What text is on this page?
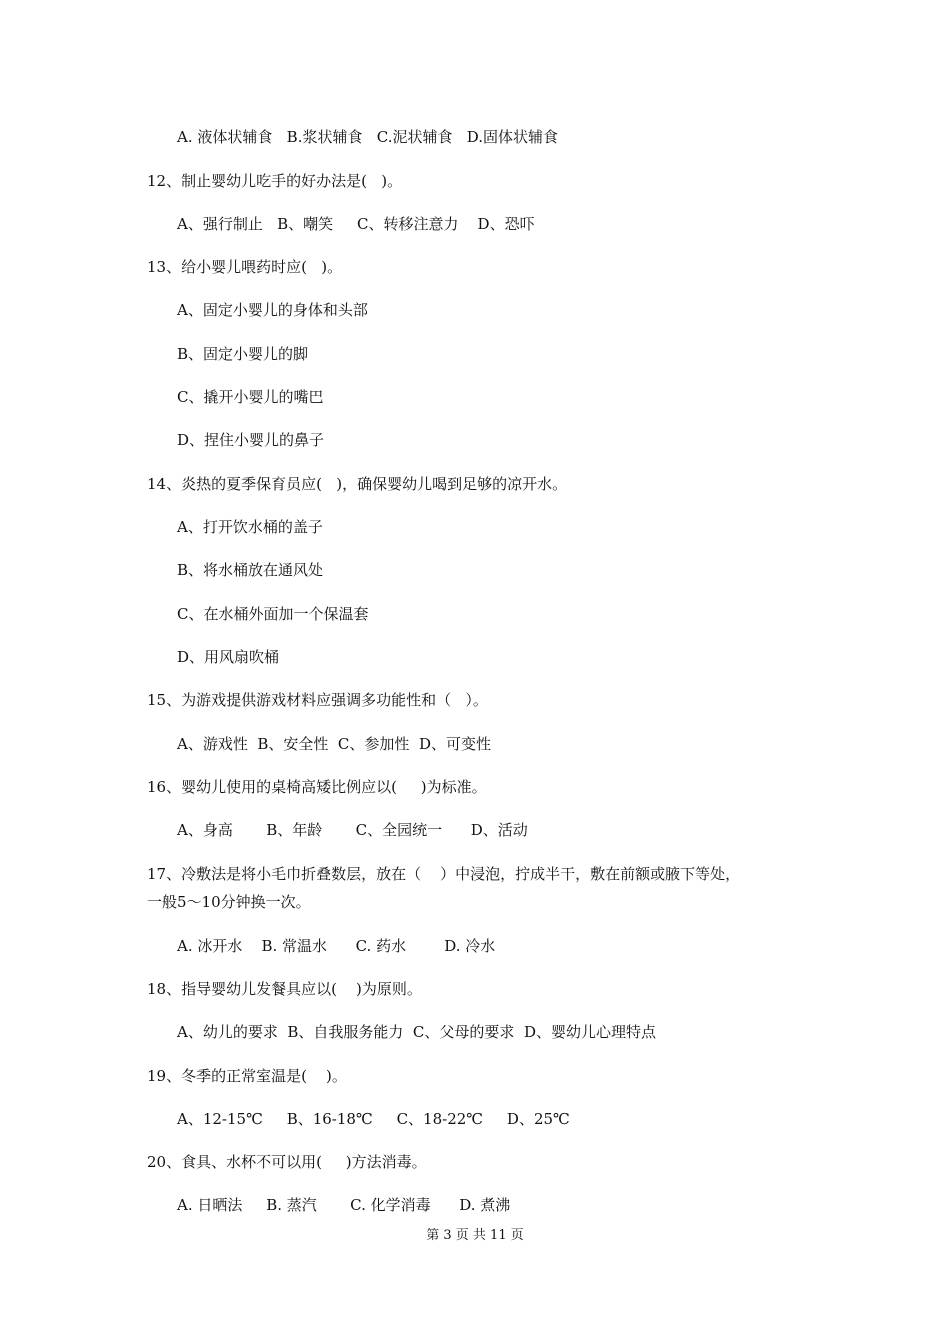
A. 液体状辅食   B.浆状辅食   C.泥状辅食   D.固体状辅食
12、制止婴幼儿吃手的好办法是(   )。
A、强行制止   B、嘲笑     C、转移注意力    D、恐吓
13、给小婴儿喂药时应(   )。
A、固定小婴儿的身体和头部
B、固定小婴儿的脚
C、撬开小婴儿的嘴巴
D、捏住小婴儿的鼻子
14、炎热的夏季保育员应(   )，确保婴幼儿喝到足够的凉开水。
A、打开饮水桶的盖子
B、将水桶放在通风处
C、在水桶外面加一个保温套
D、用风扇吹桶
15、为游戏提供游戏材料应强调多功能性和（   ）。
A、游戏性  B、安全性  C、参加性  D、可变性
16、婴幼儿使用的桌椅高矮比例应以(     )为标准。
A、身高       B、年龄       C、全园统一      D、活动
17、冷敷法是将小毛巾折叠数层，放在（    ）中浸泡，拧成半干，敷在前额或腋下等处，
一般5～10分钟换一次。
A. 冰开水    B. 常温水      C. 药水        D. 冷水
18、指导婴幼儿发餐具应以(    )为原则。
A、幼儿的要求  B、自我服务能力  C、父母的要求  D、婴幼儿心理特点
19、冬季的正常室温是(    )。
A、12-15℃     B、16-18℃     C、18-22℃     D、25℃
20、食具、水杯不可以用(     )方法消毒。
A. 日晒法     B. 蒸汽       C. 化学消毒      D. 煮沸
第 3 页 共 11 页
